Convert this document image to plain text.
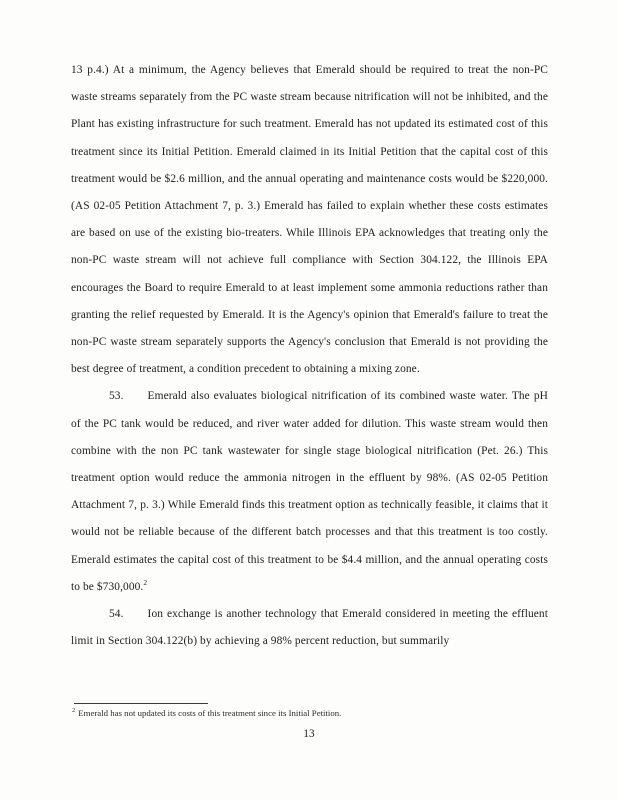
13 p.4.) At a minimum, the Agency believes that Emerald should be required to treat the non-PC waste streams separately from the PC waste stream because nitrification will not be inhibited, and the Plant has existing infrastructure for such treatment. Emerald has not updated its estimated cost of this treatment since its Initial Petition. Emerald claimed in its Initial Petition that the capital cost of this treatment would be $2.6 million, and the annual operating and maintenance costs would be $220,000. (AS 02-05 Petition Attachment 7, p. 3.) Emerald has failed to explain whether these costs estimates are based on use of the existing bio-treaters. While Illinois EPA acknowledges that treating only the non-PC waste stream will not achieve full compliance with Section 304.122, the Illinois EPA encourages the Board to require Emerald to at least implement some ammonia reductions rather than granting the relief requested by Emerald. It is the Agency's opinion that Emerald's failure to treat the non-PC waste stream separately supports the Agency's conclusion that Emerald is not providing the best degree of treatment, a condition precedent to obtaining a mixing zone.

53. Emerald also evaluates biological nitrification of its combined waste water. The pH of the PC tank would be reduced, and river water added for dilution. This waste stream would then combine with the non PC tank wastewater for single stage biological nitrification (Pet. 26.) This treatment option would reduce the ammonia nitrogen in the effluent by 98%. (AS 02-05 Petition Attachment 7, p. 3.) While Emerald finds this treatment option as technically feasible, it claims that it would not be reliable because of the different batch processes and that this treatment is too costly. Emerald estimates the capital cost of this treatment to be $4.4 million, and the annual operating costs to be $730,000.$^2$

54. Ion exchange is another technology that Emerald considered in meeting the effluent limit in Section 304.122(b) by achieving a 98% percent reduction, but summarily

$^2$ Emerald has not updated its costs of this treatment since its Initial Petition.
13
